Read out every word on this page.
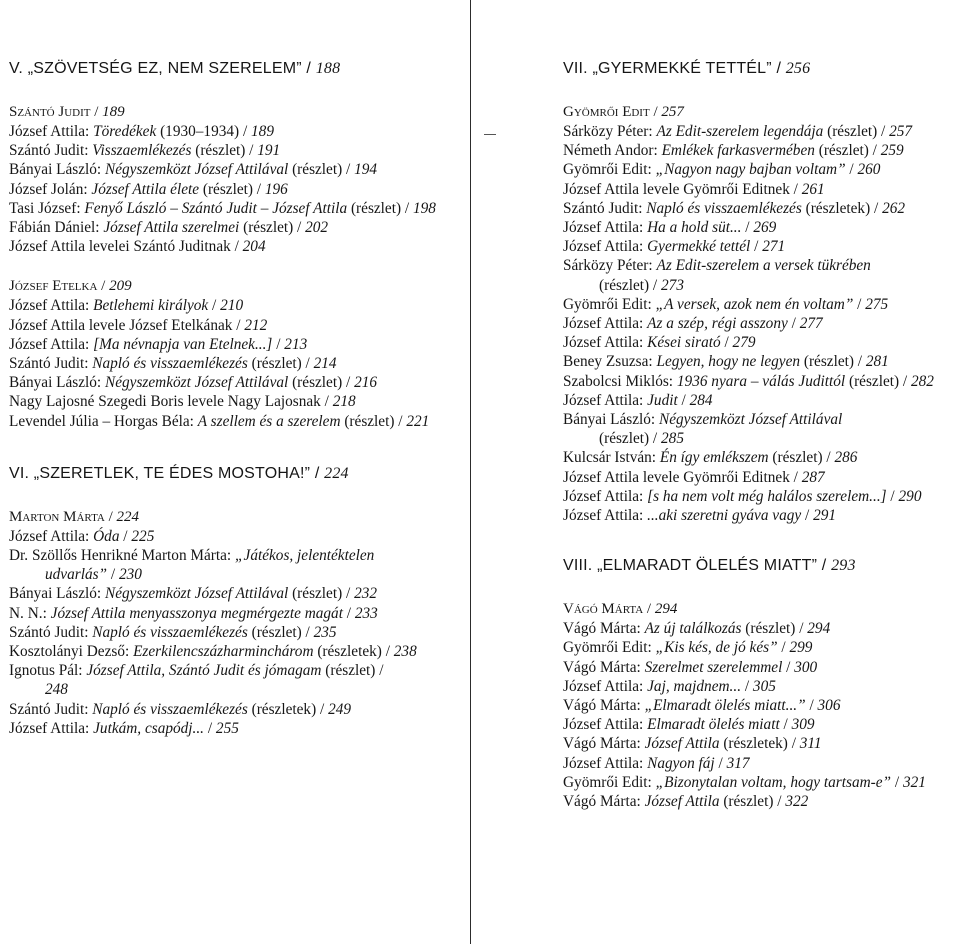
V. „SZÖVETSÉG EZ, NEM SZERELEM” / 188
Szántó Judit / 189
József Attila: Töredékek (1930–1934) / 189
Szántó Judit: Visszaemlékezés (részlet) / 191
Bányai László: Négyszemközt József Attilával (részlet) / 194
József Jolán: József Attila élete (részlet) / 196
Tasi József: Fenyő László – Szántó Judit – József Attila (részlet) / 198
Fábián Dániel: József Attila szerelmei (részlet) / 202
József Attila levelei Szántó Juditnak / 204
József Etelka / 209
József Attila: Betlehemi királyok / 210
József Attila levele József Etelkának / 212
József Attila: [Ma névnapja van Etelnek...] / 213
Szántó Judit: Napló és visszaemlékezés (részlet) / 214
Bányai László: Négyszemközt József Attilával (részlet) / 216
Nagy Lajosné Szegedi Boris levele Nagy Lajosnak / 218
Levendel Júlia – Horgas Béla: A szellem és a szerelem (részlet) / 221
VI. „SZERETLEK, TE ÉDES MOSTOHA!” / 224
Marton Márta / 224
József Attila: Óda / 225
Dr. Szöllős Henrikné Marton Márta: „Játékos, jelentéktelen udvarlás” / 230
Bányai László: Négyszemközt József Attilával (részlet) / 232
N. N.: József Attila menyasszonya megmérgezte magát / 233
Szántó Judit: Napló és visszaemlékezés (részlet) / 235
Kosztolányi Dezső: Ezerkilencszázharminchárom (részletek) / 238
Ignotus Pál: József Attila, Szántó Judit és jómagam (részlet) / 248
Szántó Judit: Napló és visszaemlékezés (részletek) / 249
József Attila: Jutkám, csapódj... / 255
VII. „GYERMEKKÉ TETTÉL” / 256
Gyömrői Edit / 257
Sárközy Péter: Az Edit-szerelem legendája (részlet) / 257
Németh Andor: Emlékek farkasvermében (részlet) / 259
Gyömrői Edit: „Nagyon nagy bajban voltam” / 260
József Attila levele Gyömrői Editnek / 261
Szántó Judit: Napló és visszaemlékezés (részletek) / 262
József Attila: Ha a hold süt... / 269
József Attila: Gyermekké tettél / 271
Sárközy Péter: Az Edit-szerelem a versek tükrében (részlet) / 273
Gyömrői Edit: „A versek, azok nem én voltam” / 275
József Attila: Az a szép, régi asszony / 277
József Attila: Kései sirató / 279
Beney Zsuzsa: Legyen, hogy ne legyen (részlet) / 281
Szabolcsi Miklós: 1936 nyara – válás Judittól (részlet) / 282
József Attila: Judit / 284
Bányai László: Négyszemközt József Attilával (részlet) / 285
Kulcsár István: Én így emlékszem (részlet) / 286
József Attila levele Gyömrői Editnek / 287
József Attila: [s ha nem volt még halálos szerelem...] / 290
József Attila: ...aki szeretni gyáva vagy / 291
VIII. „ELMARADT ÖLELÉS MIATT” / 293
Vágó Márta / 294
Vágó Márta: Az új találkozás (részlet) / 294
Gyömrői Edit: „Kis kés, de jó kés” / 299
Vágó Márta: Szerelmet szerelemmel / 300
József Attila: Jaj, majdnem... / 305
Vágó Márta: „Elmaradt ölelés miatt...” / 306
József Attila: Elmaradt ölelés miatt / 309
Vágó Márta: József Attila (részletek) / 311
József Attila: Nagyon fáj / 317
Gyömrői Edit: „Bizonytalan voltam, hogy tartsam-e” / 321
Vágó Márta: József Attila (részlet) / 322
